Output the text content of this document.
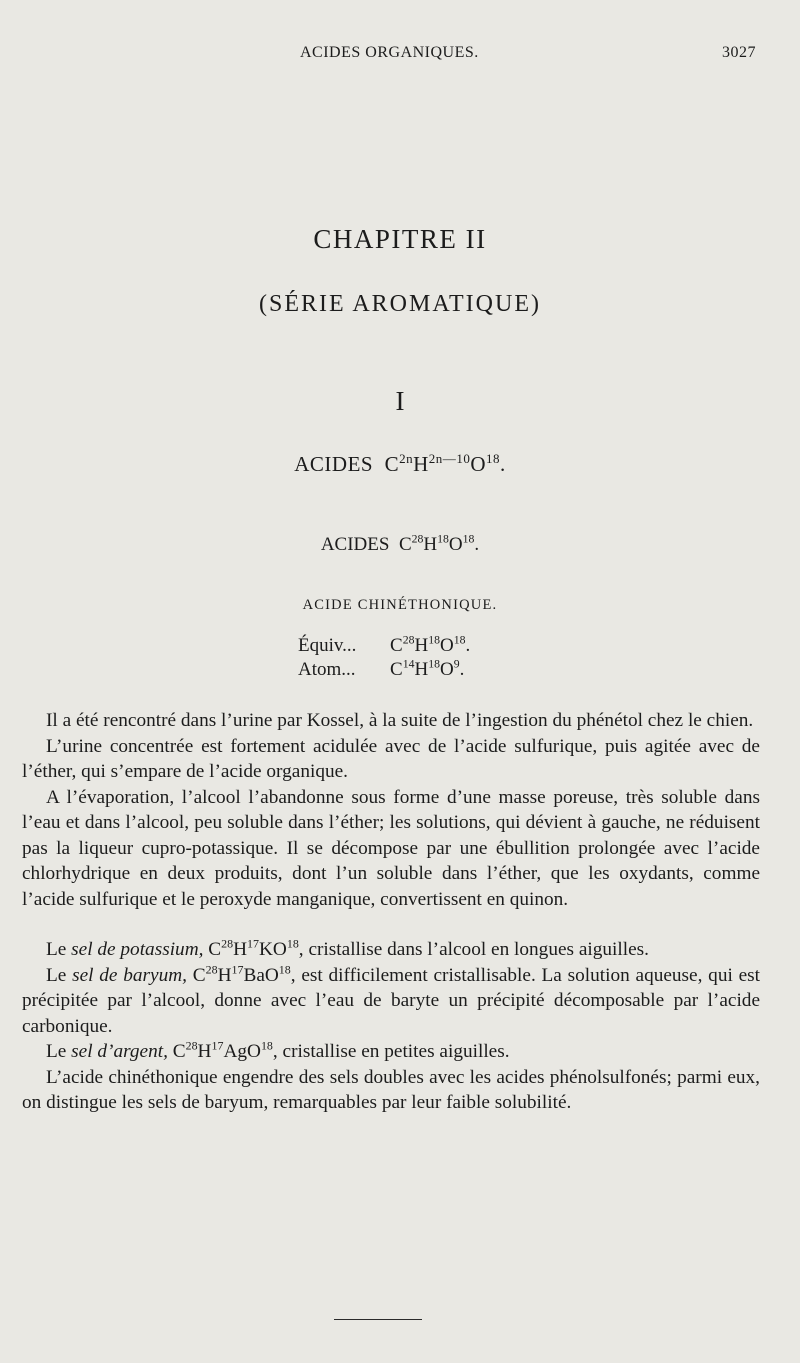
ACIDES ORGANIQUES.	3027
CHAPITRE II
(SÉRIE AROMATIQUE)
I
ACIDES $C^{2n}H^{2n—10}O^{18}$.
ACIDES $C^{28}H^{18}O^{18}$.
ACIDE CHINÉTHONIQUE.
Équiv...	$C^{28}H^{18}O^{18}$.
Atom...	$C^{14}H^{18}O^9$.

Il a été rencontré dans l’urine par Kossel, à la suite de l’ingestion du phénétol chez le chien.

L’urine concentrée est fortement acidulée avec de l’acide sulfurique, puis agitée avec de l’éther, qui s’empare de l’acide organique.

A l’évaporation, l’alcool l’abandonne sous forme d’une masse poreuse, très soluble dans l’eau et dans l’alcool, peu soluble dans l’éther; les solutions, qui dévient à gauche, ne réduisent pas la liqueur cupro-potassique. Il se décompose par une ébullition prolongée avec l’acide chlorhydrique en deux produits, dont l’un soluble dans l’éther, que les oxydants, comme l’acide sulfurique et le peroxyde manganique, convertissent en quinon.

Le sel de potassium, $C^{28}H^{17}KO^{18}$, cristallise dans l’alcool en longues aiguilles.

Le sel de baryum, $C^{28}H^{17}BaO^{18}$, est difficilement cristallisable. La solution aqueuse, qui est précipitée par l’alcool, donne avec l’eau de baryte un précipité décomposable par l’acide carbonique.

Le sel d’argent, $C^{28}H^{17}AgO^{18}$, cristallise en petites aiguilles.

L’acide chinéthonique engendre des sels doubles avec les acides phénolsulfonés; parmi eux, on distingue les sels de baryum, remarquables par leur faible solubilité.
